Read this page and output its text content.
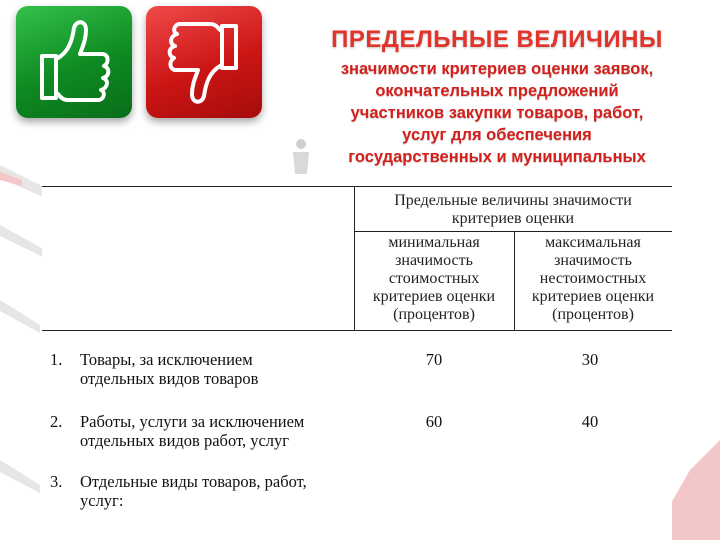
ПРЕДЕЛЬНЫЕ ВЕЛИЧИНЫ
значимости критериев оценки заявок,
окончательных предложений
участников закупки товаров, работ,
услуг для обеспечения
государственных и муниципальных
Предельные величины значимости
критериев оценки
минимальная
значимость
стоимостных
критериев оценки
(процентов)
максимальная
значимость
нестоимостных
критериев оценки
(процентов)
1. Товары, за исключением
отдельных видов товаров
70	30
2. Работы, услуги за исключением
отдельных видов работ, услуг
60	40
3. Отдельные виды товаров, работ,
услуг:
